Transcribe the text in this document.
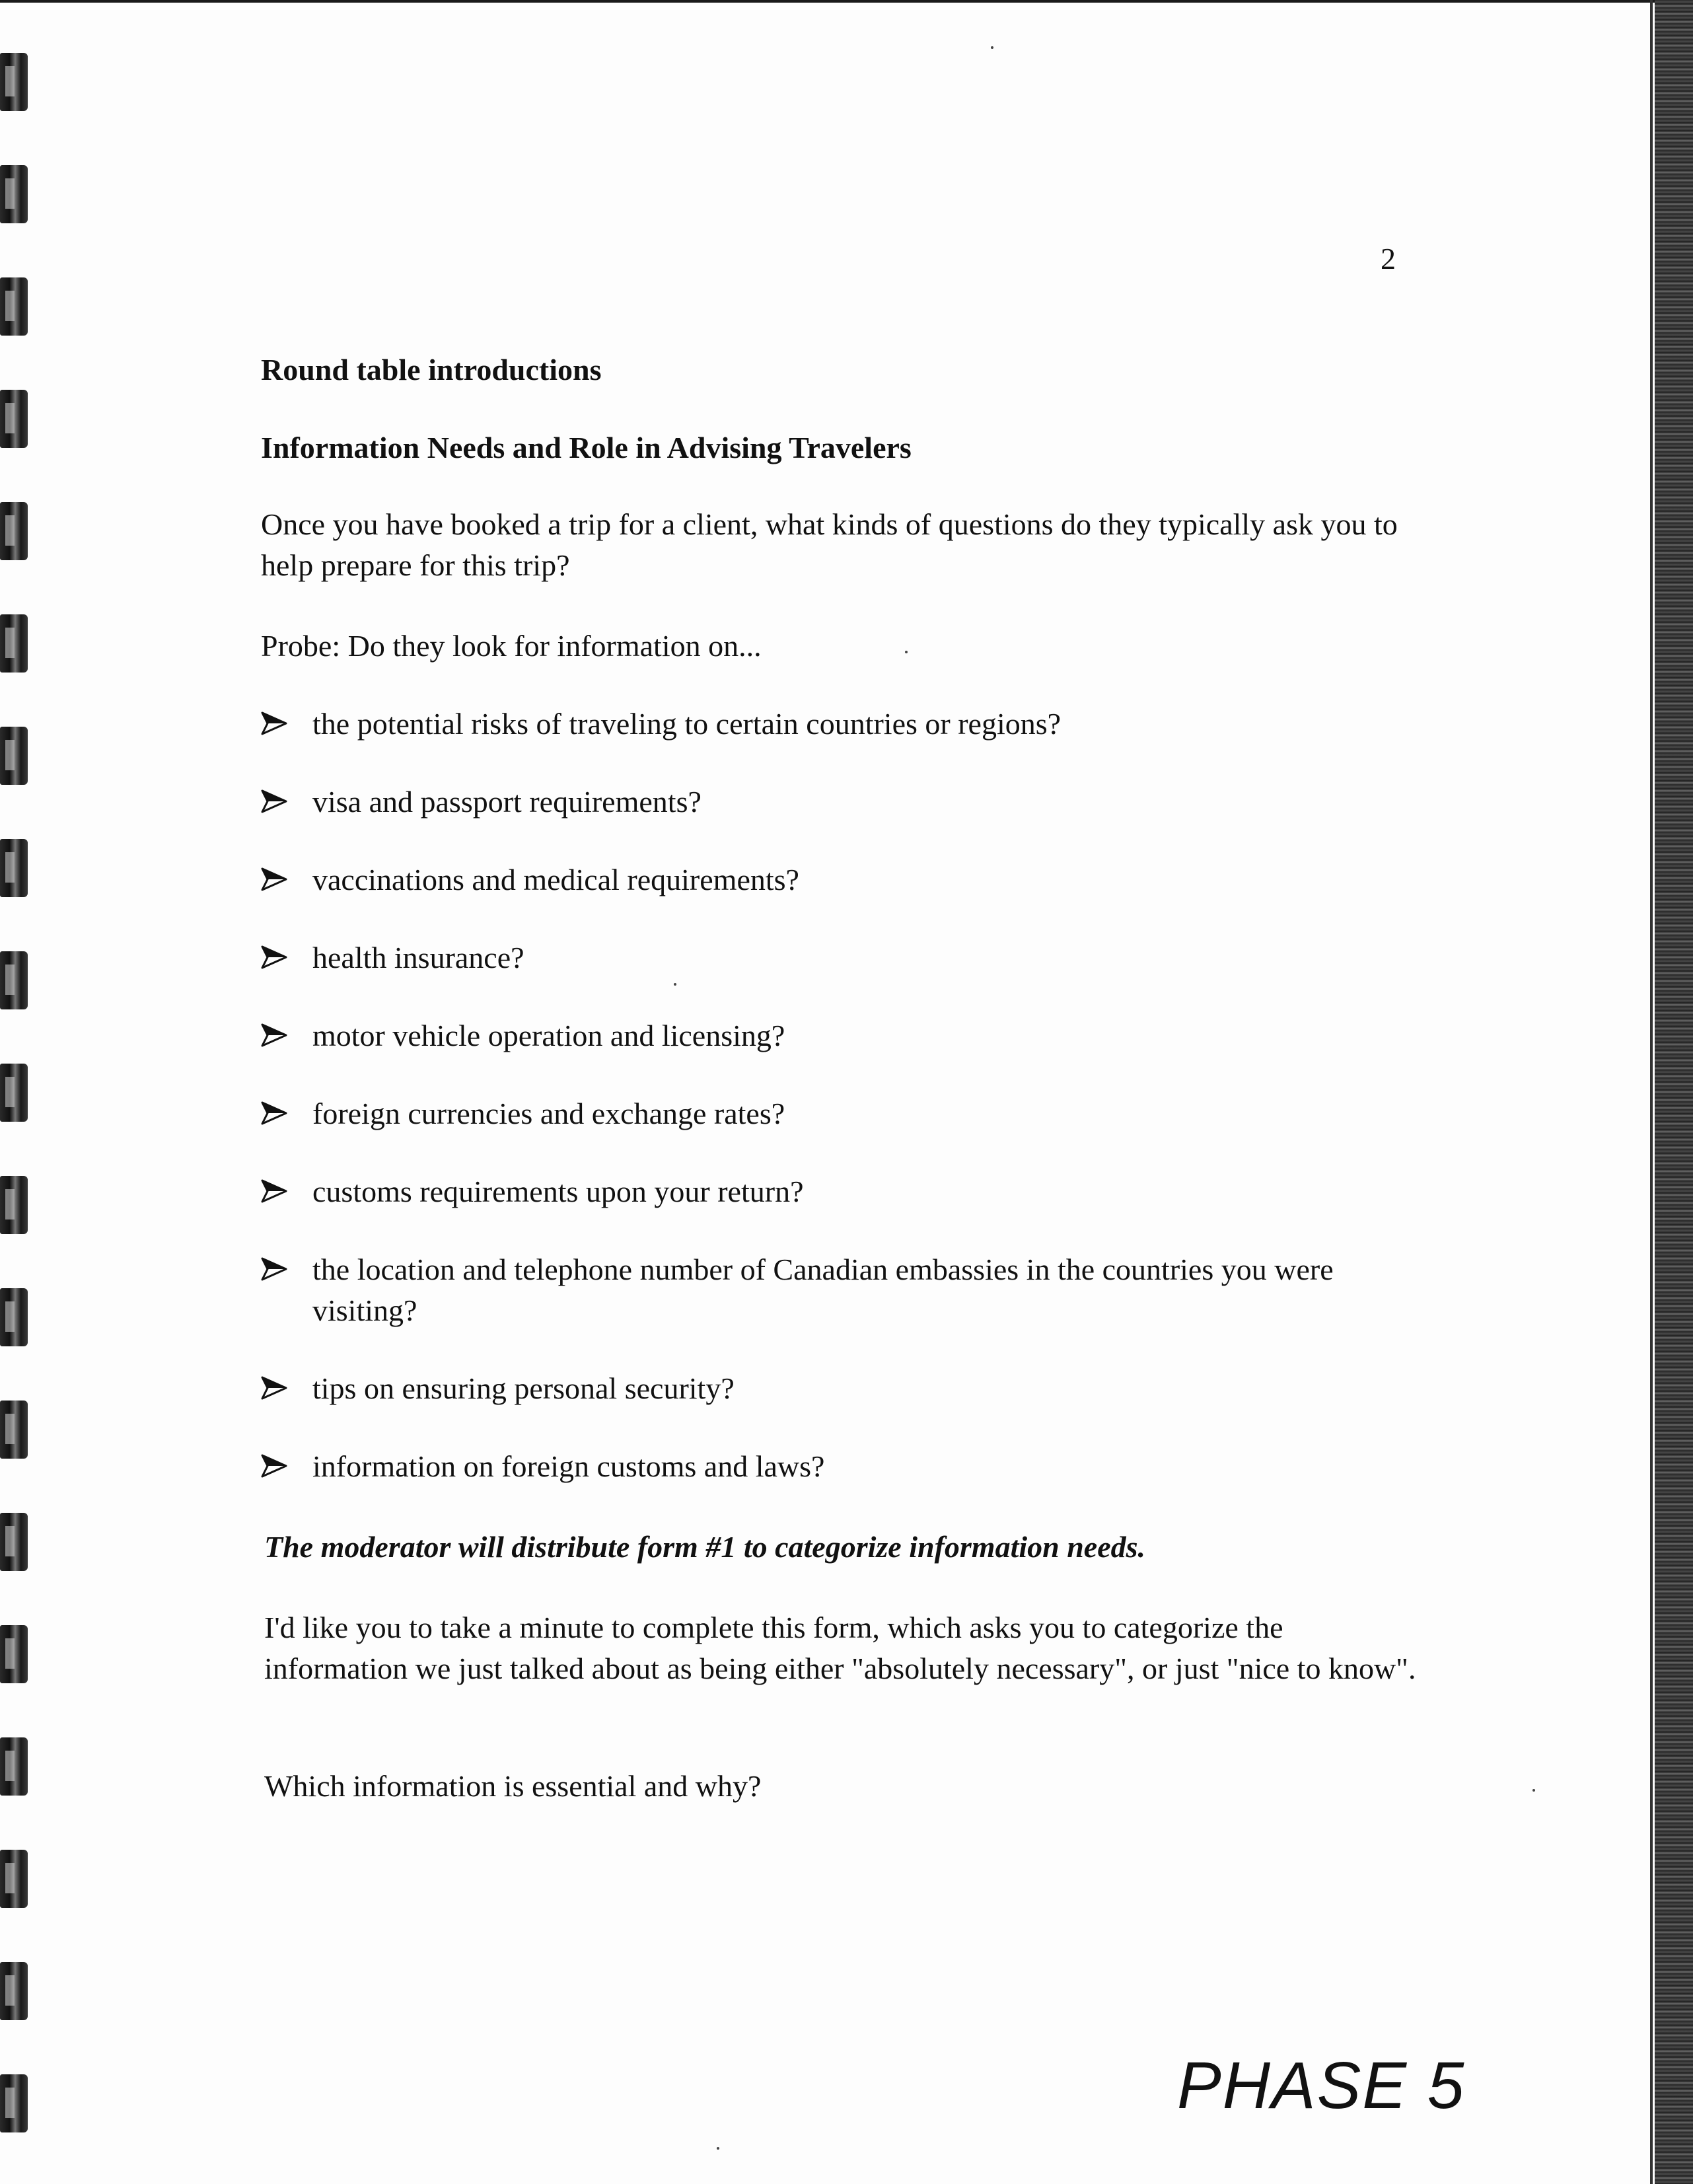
2
Round table introductions
Information Needs and Role in Advising Travelers
Once you have booked a trip for a client, what kinds of questions do they typically ask you to help prepare for this trip?
Probe: Do they look for information on...
the potential risks of traveling to certain countries or regions?
visa and passport requirements?
vaccinations and medical requirements?
health insurance?
motor vehicle operation and licensing?
foreign currencies and exchange rates?
customs requirements upon your return?
the location and telephone number of Canadian embassies in the countries you were visiting?
tips on ensuring personal security?
information on foreign customs and laws?
The moderator will distribute form #1 to categorize information needs.
I'd like you to take a minute to complete this form, which asks you to categorize the information we just talked about as being either "absolutely necessary", or just "nice to know".
Which information is essential and why?
PHASE 5
